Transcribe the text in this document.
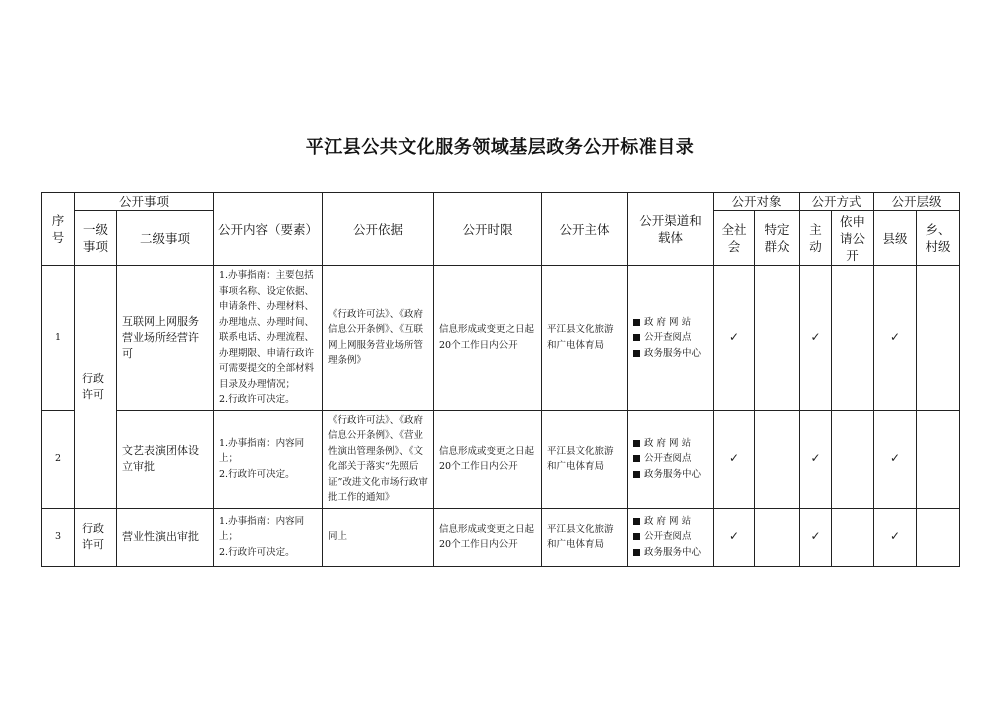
平江县公共文化服务领域基层政务公开标准目录
序号	公开事项		公开内容（要素）	公开依据	公开时限	公开主体	公开渠道和载体	公开对象		公开方式		公开层级	
	一级事项	二级事项						全社会	特定群众	主动	依申请公开	县级	乡、村级
1	行政许可	互联网上网服务营业场所经营许可	1.办事指南：主要包括事项名称、设定依据、申请条件、办理材料、办理地点、办理时间、联系电话、办理流程、办理期限、申请行政许可需要提交的全部材料目录及办理情况；
2.行政许可决定。	《行政许可法》、《政府信息公开条例》、《互联网上网服务营业场所管理条例》	信息形成或变更之日起20个工作日内公开	平江县文化旅游和广电体育局	政 府 网 站
公开查阅点
政务服务中心	✓		✓		✓	
2		文艺表演团体设立审批	1.办事指南：内容同上；
2.行政许可决定。	《行政许可法》、《政府信息公开条例》、《营业性演出管理条例》、《文化部关于落实“先照后证”改进文化市场行政审批工作的通知》	信息形成或变更之日起20个工作日内公开	平江县文化旅游和广电体育局	政 府 网 站
公开查阅点
政务服务中心	✓		✓		✓	
3	行政许可	营业性演出审批	1.办事指南：内容同上；
2.行政许可决定。	同上	信息形成或变更之日起20个工作日内公开	平江县文化旅游和广电体育局	政 府 网 站
公开查阅点
政务服务中心	✓		✓		✓	
